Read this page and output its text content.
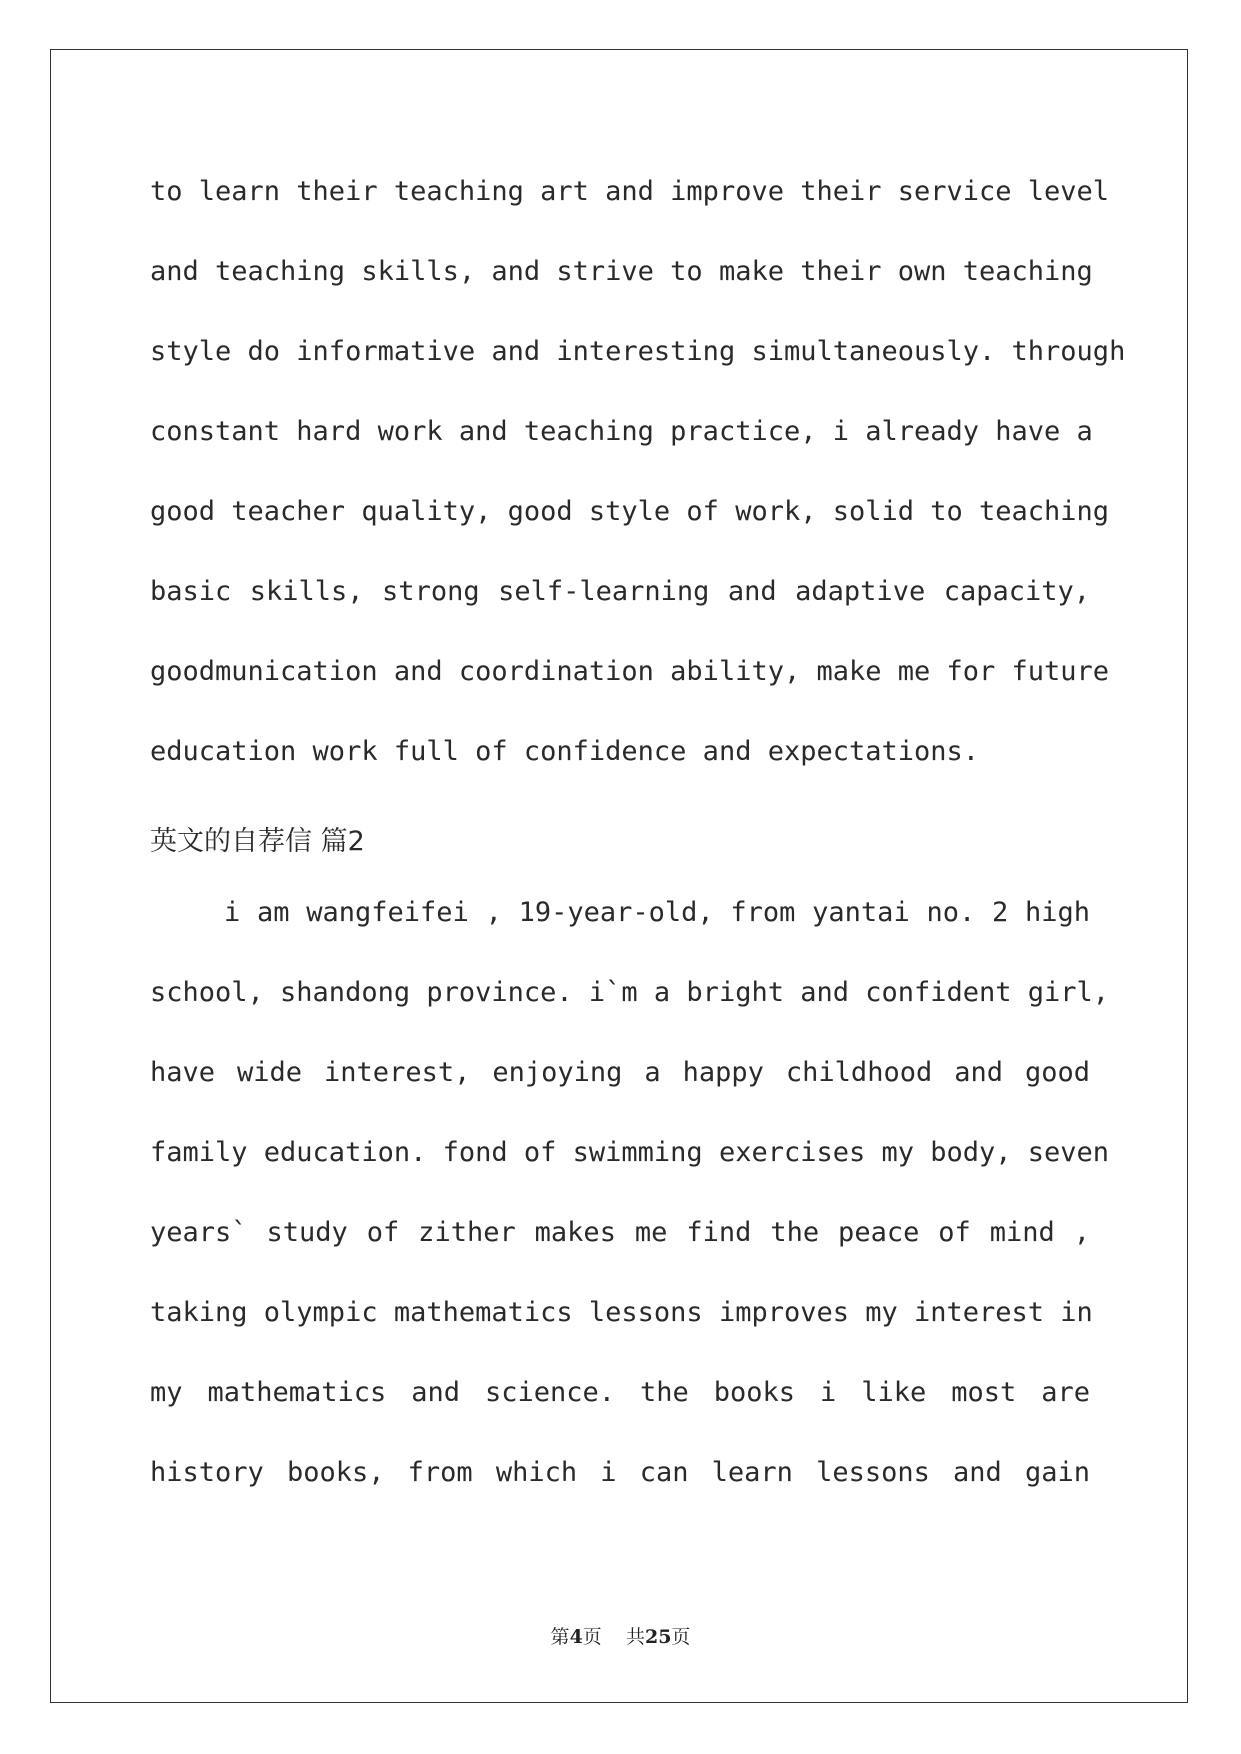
to learn their teaching art and improve their service level
and teaching skills, and strive to make their own teaching
style do informative and interesting simultaneously. through
constant hard work and teaching practice, i already have a
good teacher quality, good style of work, solid to teaching
basic skills, strong self-learning and adaptive capacity,
goodmunication and coordination ability, make me for future
education work full of confidence and expectations.
英文的自荐信 篇2
i am wangfeifei , 19-year-old, from yantai no. 2 high
school, shandong province. i`m a bright and confident girl,
have wide interest, enjoying a happy childhood and good
family education. fond of swimming exercises my body, seven
years` study of zither makes me find the peace of mind ,
taking olympic mathematics lessons improves my interest in
my mathematics and science. the books i like most are
history books, from which i can learn lessons and gain
第4页    共25页
